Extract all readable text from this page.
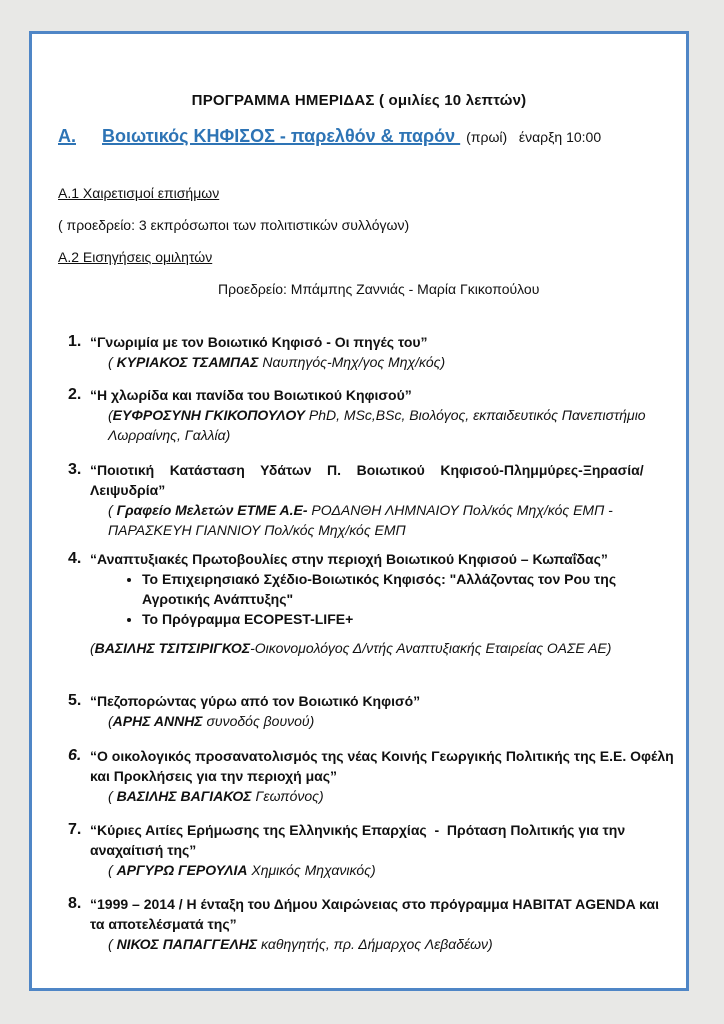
ΠΡΟΓΡΑΜΜΑ ΗΜΕΡΙΔΑΣ ( ομιλίες 10 λεπτών)
Α. Βοιωτικός ΚΗΦΙΣΟΣ - παρελθόν & παρόν (πρωί) έναρξη 10:00
Α.1 Χαιρετισμοί επισήμων
( προεδρείο: 3 εκπρόσωποι των πολιτιστικών συλλόγων)
Α.2 Εισηγήσεις ομιλητών
Προεδρείο: Μπάμπης Ζαννιάς - Μαρία Γκικοπούλου
1. “Γνωριμία με τον Βοιωτικό Κηφισό - Οι πηγές του”
( ΚΥΡΙΑΚΟΣ ΤΣΑΜΠΑΣ Ναυπηγός-Μηχ/γος Μηχ/κός)
2. “Η χλωρίδα και πανίδα του Βοιωτικού Κηφισού”
(ΕΥΦΡΟΣΥΝΗ ΓΚΙΚΟΠΟΥΛΟΥ PhD, MSc,BSc, Βιολόγος, εκπαιδευτικός Πανεπιστήμιο Λωρραίνης, Γαλλία)
3. “Ποιοτική    Κατάσταση    Υδάτων    Π.    Βοιωτικού    Κηφισού-Πλημμύρες-Ξηρασία/Λειψυδρία”
( Γραφείο Μελετών ΕΤΜΕ Α.Ε- ΡΟΔΑΝΘΗ ΛΗΜΝΑΙΟΥ Πολ/κός Μηχ/κός ΕΜΠ - ΠΑΡΑΣΚΕΥΗ ΓΙΑΝΝΙΟΥ Πολ/κός Μηχ/κός ΕΜΠ
4. “Αναπτυξιακές Πρωτοβουλίες στην περιοχή Βοιωτικού Κηφισού – Κωπαΐδας”
• Το Επιχειρησιακό Σχέδιο-Βοιωτικός Κηφισός: "Αλλάζοντας τον Ρου της Αγροτικής Ανάπτυξης"
• Το Πρόγραμμα ECOPEST-LIFE+
(ΒΑΣΙΛΗΣ ΤΣΙΤΣΙΡΙΓΚΟΣ-Οικονομολόγος Δ/ντής Αναπτυξιακής Εταιρείας ΟΑΣΕ ΑΕ)
5. “Πεζοπορώντας γύρω από τον Βοιωτικό Κηφισό”
(ΑΡΗΣ ΑΝΝΗΣ συνοδός βουνού)
6. “Ο οικολογικός προσανατολισμός της νέας Κοινής Γεωργικής Πολιτικής της Ε.Ε. Οφέλη και Προκλήσεις για την περιοχή μας”
( ΒΑΣΙΛΗΣ ΒΑΓΙΑΚΟΣ Γεωπόνος)
7. “Κύριες Αιτίες Ερήμωσης της Ελληνικής Επαρχίας  -  Πρόταση Πολιτικής για την αναχαίτισή της”
( ΑΡΓΥΡΩ ΓΕΡΟΥΛΙΑ Χημικός Μηχανικός)
8. “1999 – 2014 / Η ένταξη του Δήμου Χαιρώνειας στο πρόγραμμα HABITAT AGENDA και τα αποτελέσματά της”
( ΝΙΚΟΣ ΠΑΠΑΓΓΕΛΗΣ καθηγητής, πρ. Δήμαρχος Λεβαδέων)
